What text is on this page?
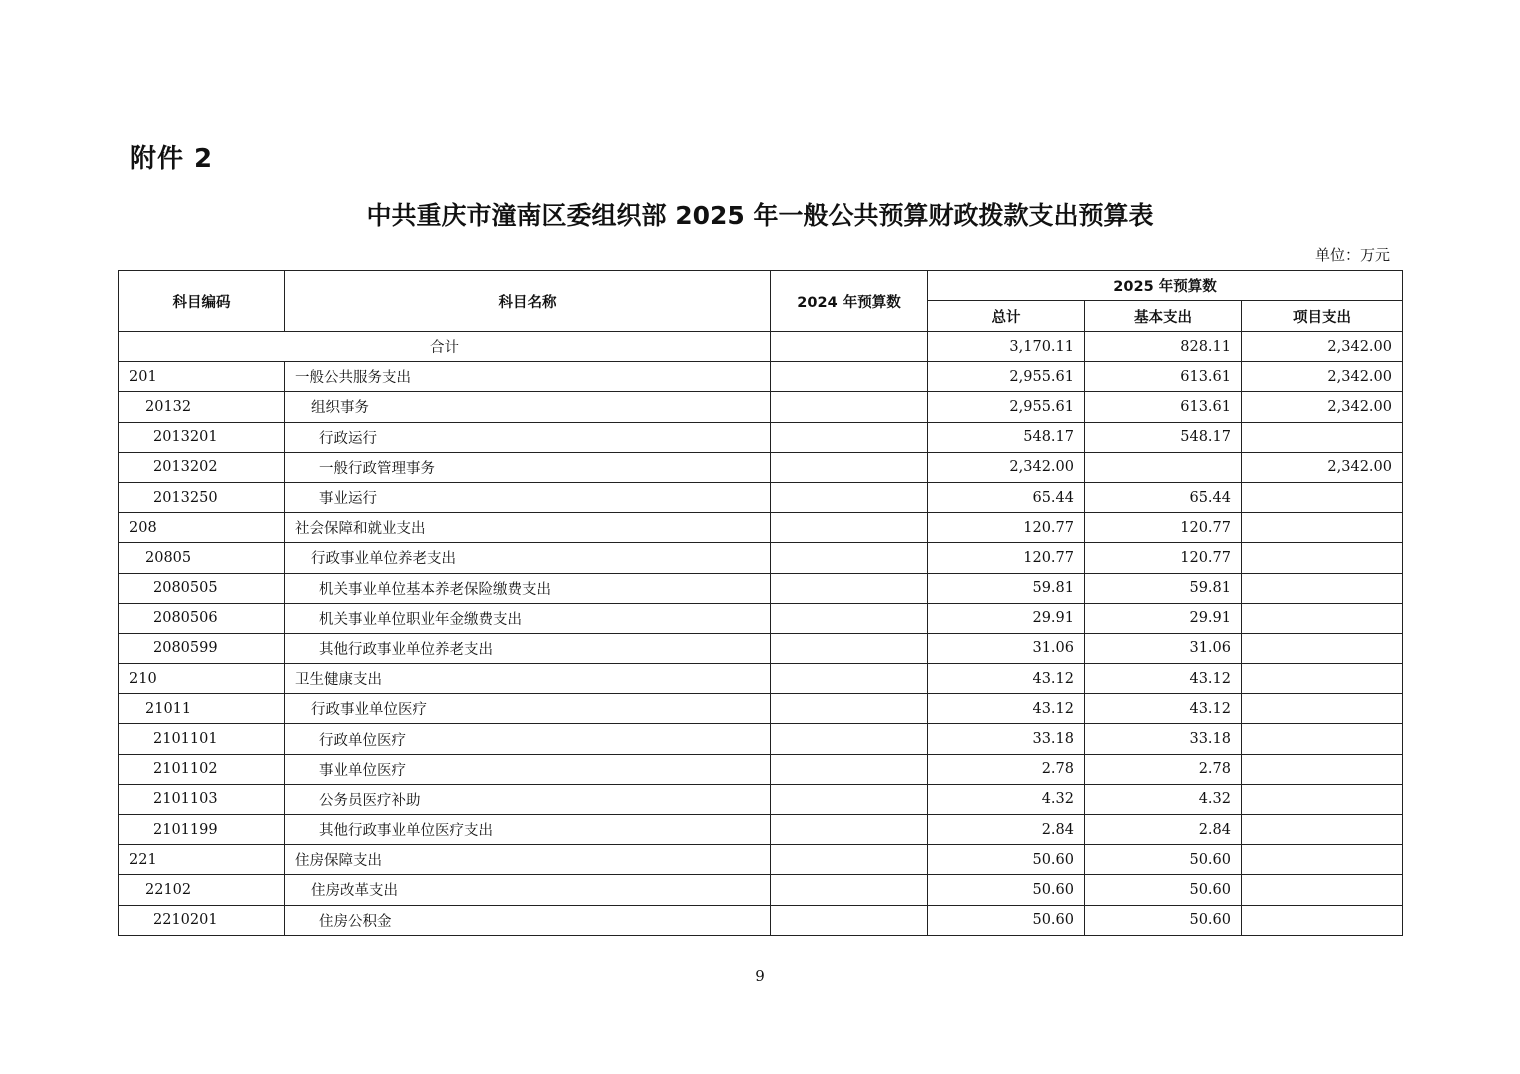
附件 2
中共重庆市潼南区委组织部 2025 年一般公共预算财政拨款支出预算表
单位：万元
科目编码	科目名称	2024 年预算数	2025 年预算数		
			总计	基本支出	项目支出
合计			3,170.11	828.11	2,342.00
201	一般公共服务支出		2,955.61	613.61	2,342.00
20132	组织事务		2,955.61	613.61	2,342.00
2013201	行政运行		548.17	548.17	
2013202	一般行政管理事务		2,342.00		2,342.00
2013250	事业运行		65.44	65.44	
208	社会保障和就业支出		120.77	120.77	
20805	行政事业单位养老支出		120.77	120.77	
2080505	机关事业单位基本养老保险缴费支出		59.81	59.81	
2080506	机关事业单位职业年金缴费支出		29.91	29.91	
2080599	其他行政事业单位养老支出		31.06	31.06	
210	卫生健康支出		43.12	43.12	
21011	行政事业单位医疗		43.12	43.12	
2101101	行政单位医疗		33.18	33.18	
2101102	事业单位医疗		2.78	2.78	
2101103	公务员医疗补助		4.32	4.32	
2101199	其他行政事业单位医疗支出		2.84	2.84	
221	住房保障支出		50.60	50.60	
22102	住房改革支出		50.60	50.60	
2210201	住房公积金		50.60	50.60	
9
